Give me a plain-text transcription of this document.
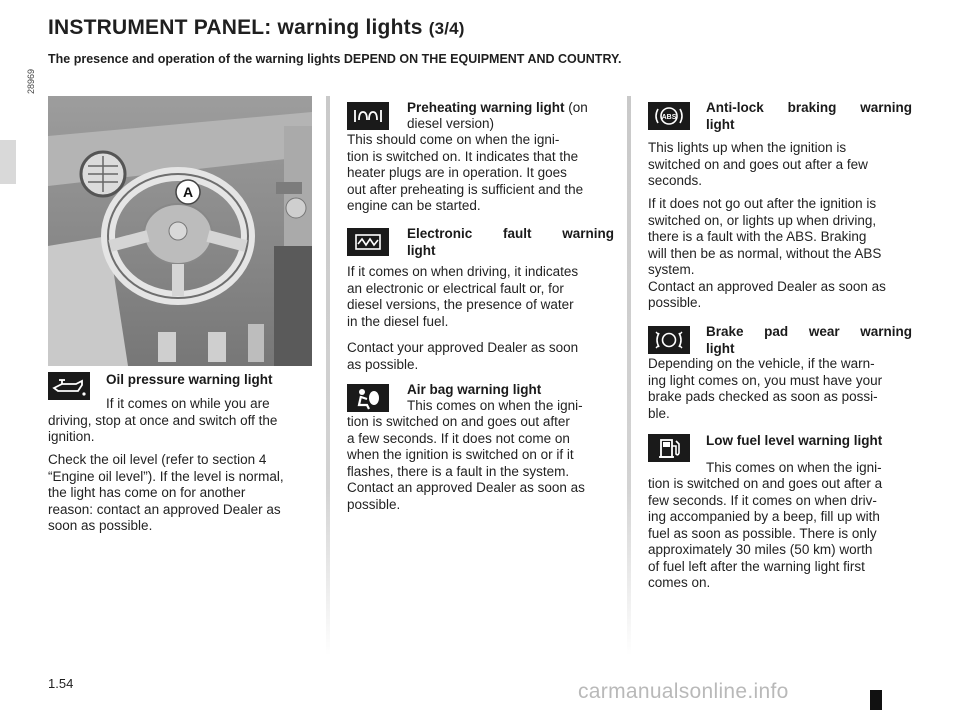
INSTRUMENT PANEL: warning lights (3/4)
The presence and operation of the warning lights DEPEND ON THE EQUIPMENT AND COUNTRY.
28969
A
Oil pressure warning light
If it comes on while you are
driving, stop at once and switch off the
ignition.
Check the oil level (refer to section 4
“Engine oil level”). If the level is normal,
the light has come on for another
reason: contact an approved Dealer as
soon as possible.
Preheating warning light (on
diesel version)
This should come on when the igni-
tion is switched on. It indicates that the
heater plugs are in operation. It goes
out after preheating is sufficient and the
engine can be started.
Electronic fault warning
light
If it comes on when driving, it indicates
an electronic or electrical fault or, for
diesel versions, the presence of water
in the diesel fuel.
Contact your approved Dealer as soon
as possible.
Air bag warning light
This comes on when the igni-
tion is switched on and goes out after
a few seconds. If it does not come on
when the ignition is switched on or if it
flashes, there is a fault in the system.
Contact an approved Dealer as soon as
possible.
ABS
Anti-lock braking warning
light
This lights up when the ignition is
switched on and goes out after a few
seconds.
If it does not go out after the ignition is
switched on, or lights up when driving,
there is a fault with the ABS. Braking
will then be as normal, without the ABS
system.
Contact an approved Dealer as soon as
possible.
Brake pad wear warning
light
Depending on the vehicle, if the warn-
ing light comes on, you must have your
brake pads checked as soon as possi-
ble.
Low fuel level warning light
This comes on when the igni-
tion is switched on and goes out after a
few seconds. If it comes on when driv-
ing accompanied by a beep, fill up with
fuel as soon as possible. There is only
approximately 30 miles (50 km) worth
of fuel left after the warning light first
comes on.
1.54	carmanualsonline.info
